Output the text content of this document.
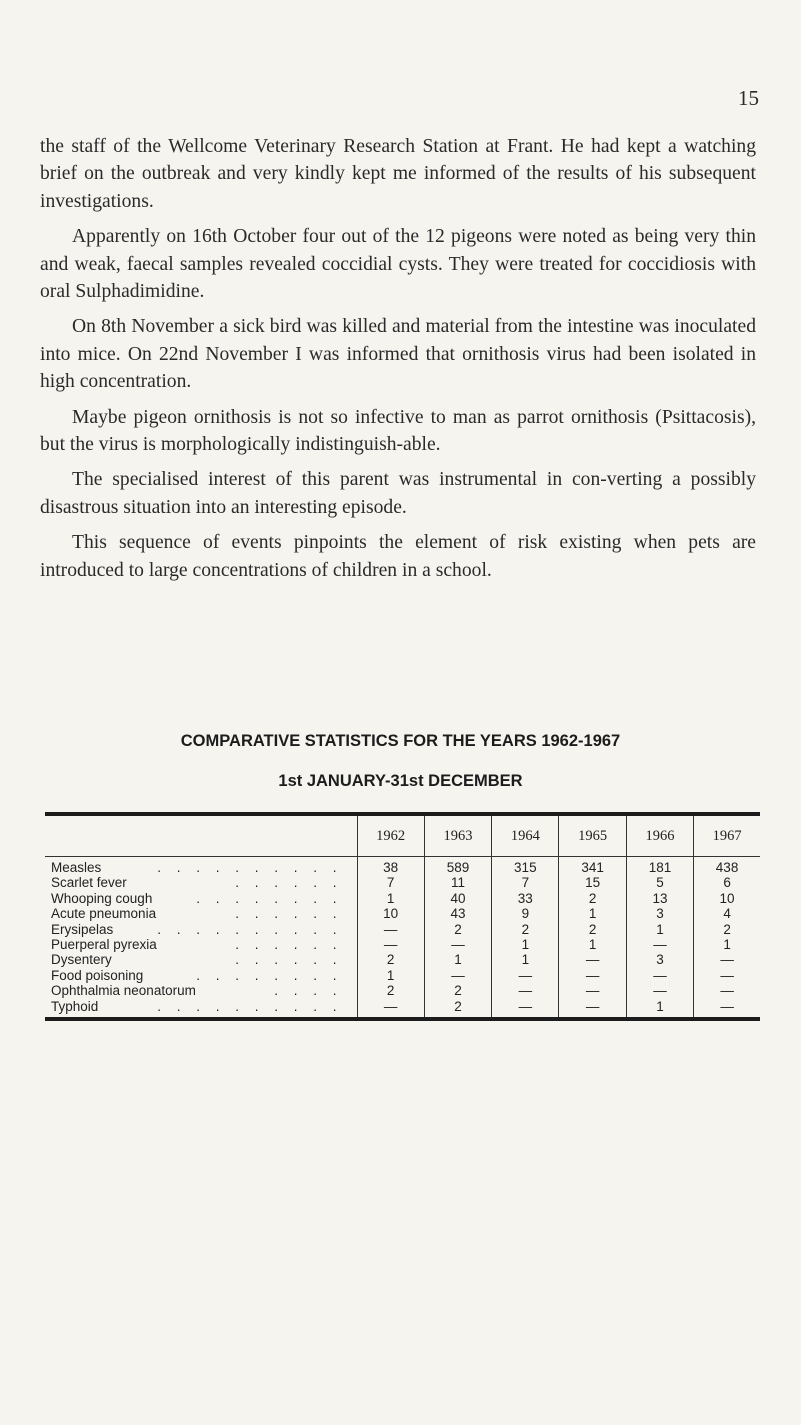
15

the staff of the Wellcome Veterinary Research Station at Frant. He had kept a watching brief on the outbreak and very kindly kept me informed of the results of his subsequent investigations.

Apparently on 16th October four out of the 12 pigeons were noted as being very thin and weak, faecal samples revealed coccidial cysts. They were treated for coccidiosis with oral Sulphadimidine.

On 8th November a sick bird was killed and material from the intestine was inoculated into mice. On 22nd November I was informed that ornithosis virus had been isolated in high concentration.

Maybe pigeon ornithosis is not so infective to man as parrot ornithosis (Psittacosis), but the virus is morphologically indistinguish-able.

The specialised interest of this parent was instrumental in con-verting a possibly disastrous situation into an interesting episode.

This sequence of events pinpoints the element of risk existing when pets are introduced to large concentrations of children in a school.

COMPARATIVE STATISTICS FOR THE YEARS 1962-1967
1st JANUARY-31st DECEMBER
	1962	1963	1964	1965	1966	1967
Measles . . . . . . . . . .	38	589	315	341	181	438
Scarlet fever . . . . . .	7	11	7	15	5	6
Whooping cough . . . . . . . .	1	40	33	2	13	10
Acute pneumonia . . . . . .	10	43	9	1	3	4
Erysipelas . . . . . . . . . .	—	2	2	2	1	2
Puerperal pyrexia . . . . . .	—	—	1	1	—	1
Dysentery . . . . . .	2	1	1	—	3	—
Food poisoning . . . . . . . .	1	—	—	—	—	—
Ophthalmia neonatorum . . . .	2	2	—	—	—	—
Typhoid . . . . . . . . . .	—	2	—	—	1	—
